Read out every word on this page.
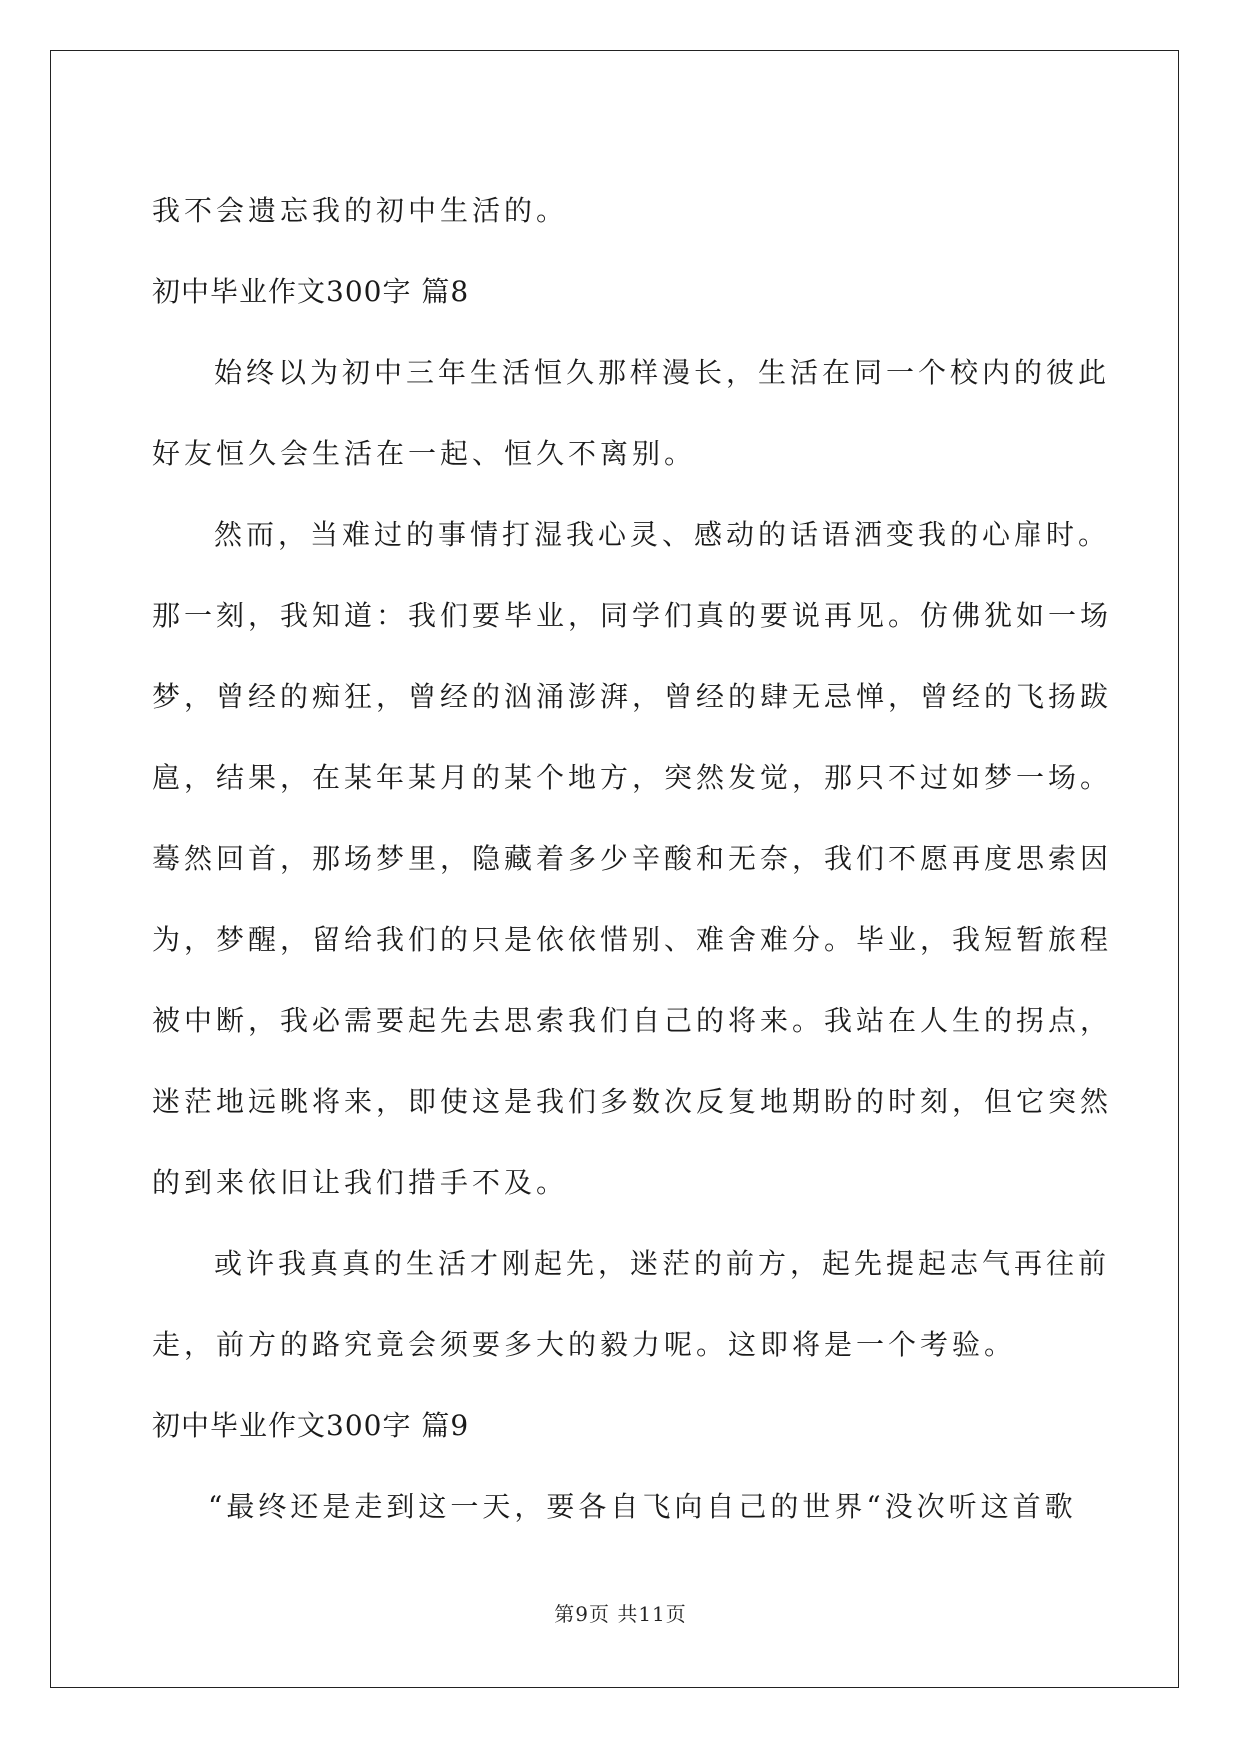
我不会遗忘我的初中生活的。

初中毕业作文300字 篇8

始终以为初中三年生活恒久那样漫长，生活在同一个校内的彼此

好友恒久会生活在一起、恒久不离别。

然而，当难过的事情打湿我心灵、感动的话语洒变我的心扉时。

那一刻，我知道：我们要毕业，同学们真的要说再见。仿佛犹如一场

梦，曾经的痴狂，曾经的汹涌澎湃，曾经的肆无忌惮，曾经的飞扬跋

扈，结果，在某年某月的某个地方，突然发觉，那只不过如梦一场。

蓦然回首，那场梦里，隐藏着多少辛酸和无奈，我们不愿再度思索因

为，梦醒，留给我们的只是依依惜别、难舍难分。毕业，我短暂旅程

被中断，我必需要起先去思索我们自己的将来。我站在人生的拐点，

迷茫地远眺将来，即使这是我们多数次反复地期盼的时刻，但它突然

的到来依旧让我们措手不及。

或许我真真的生活才刚起先，迷茫的前方，起先提起志气再往前

走，前方的路究竟会须要多大的毅力呢。这即将是一个考验。

初中毕业作文300字 篇9

“最终还是走到这一天，要各自飞向自己的世界“没次听这首歌

第9页 共11页
